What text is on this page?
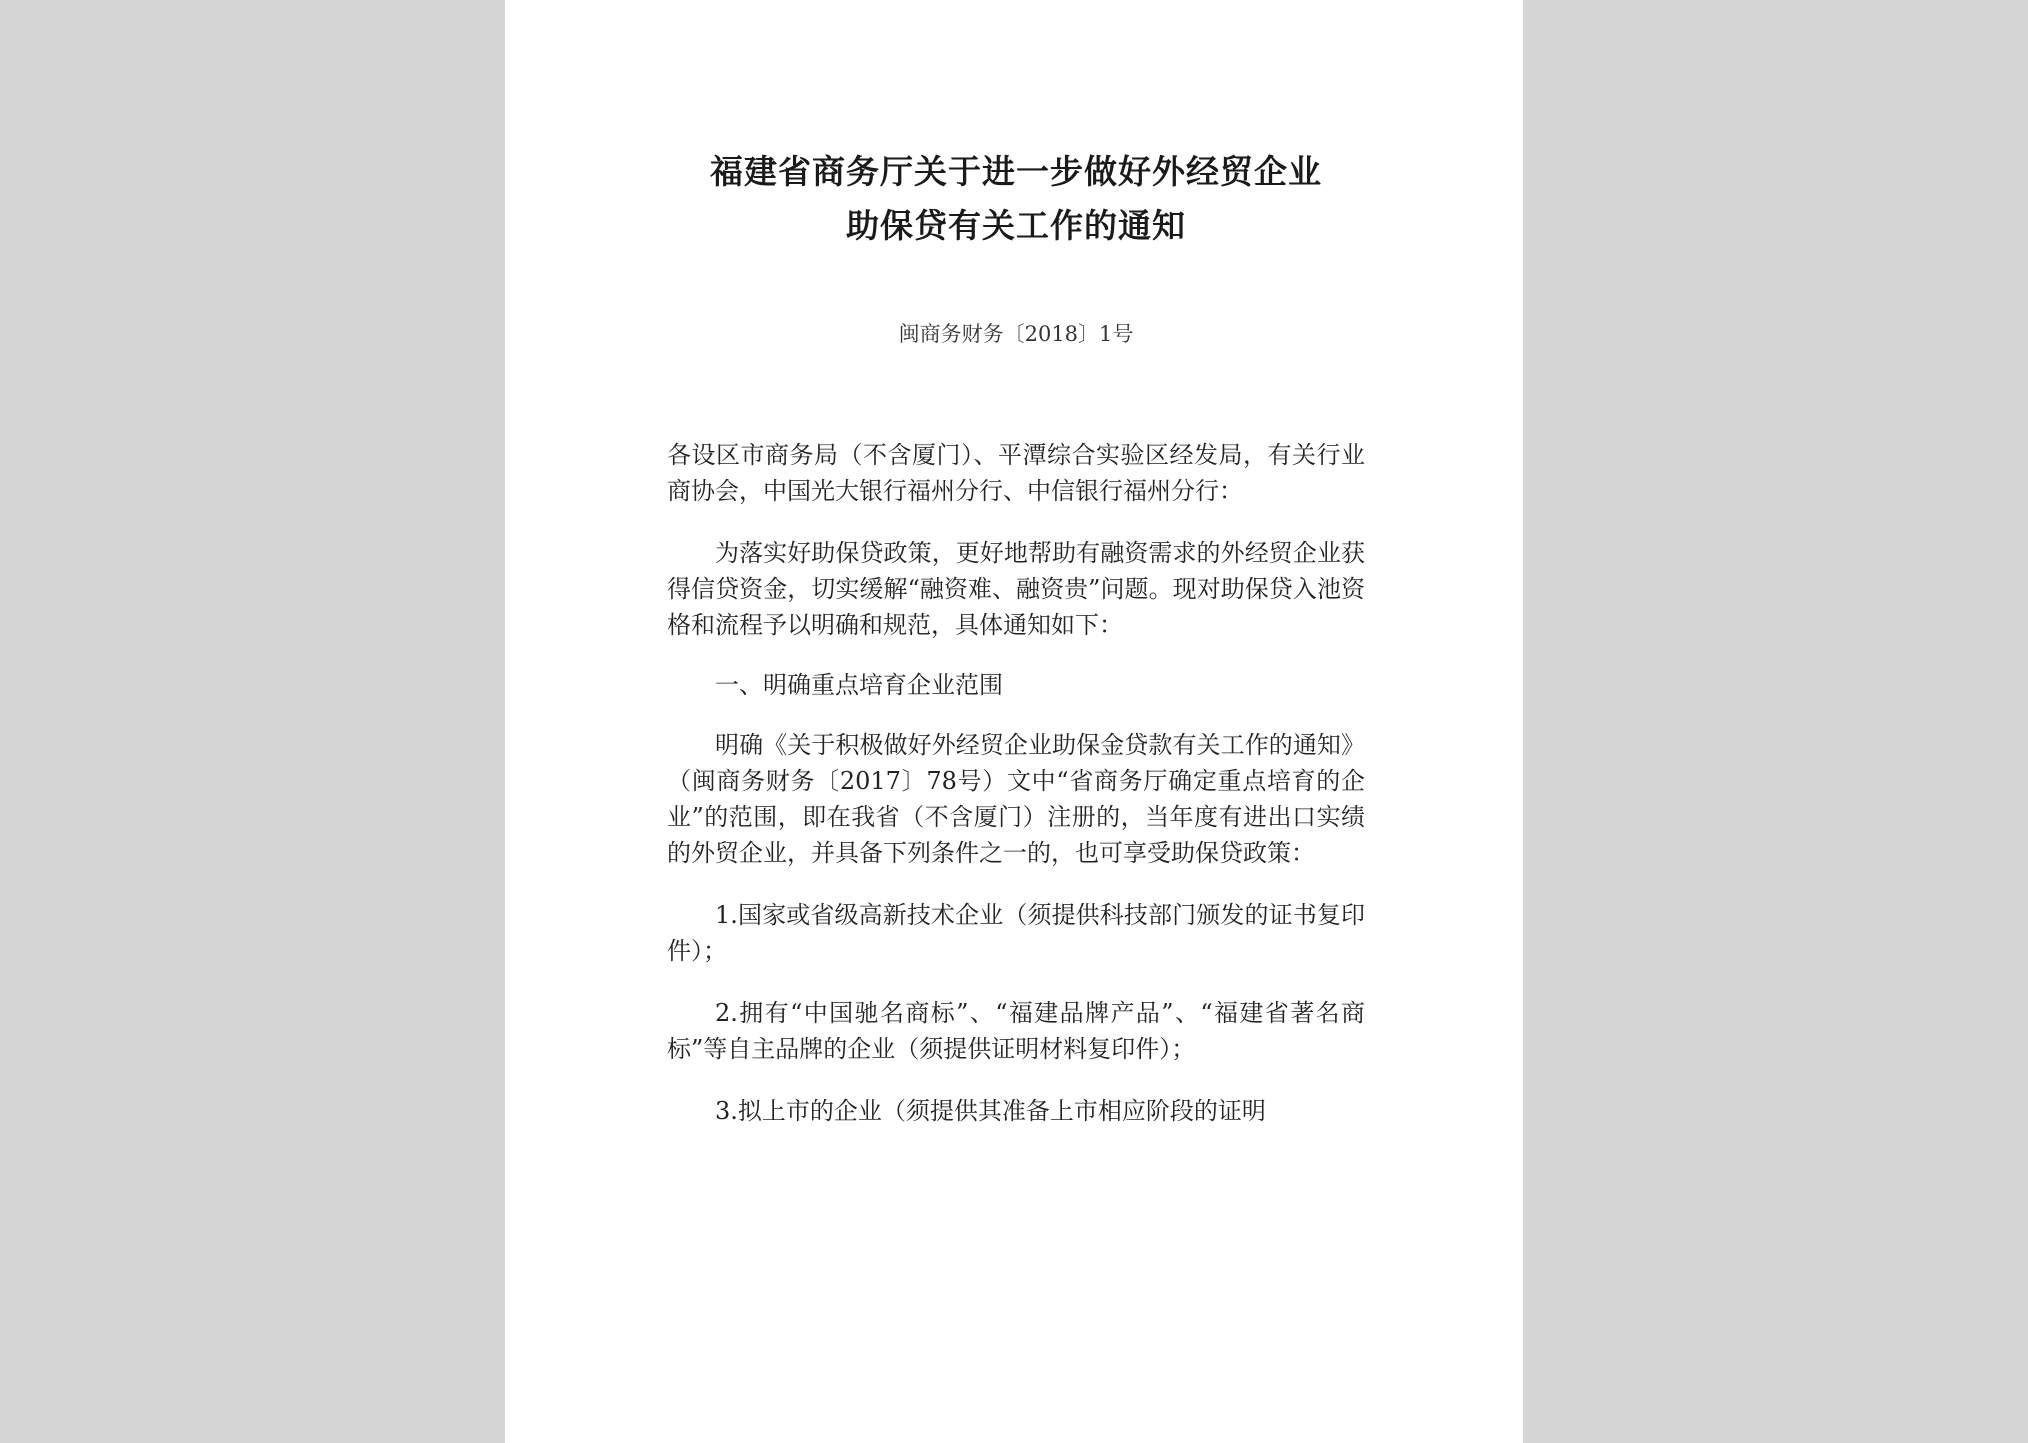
福建省商务厅关于进一步做好外经贸企业
助保贷有关工作的通知
闽商务财务〔2018〕1号

各设区市商务局（不含厦门）、平潭综合实验区经发局，有关行业商协会，中国光大银行福州分行、中信银行福州分行：

为落实好助保贷政策，更好地帮助有融资需求的外经贸企业获得信贷资金，切实缓解“融资难、融资贵”问题。现对助保贷入池资格和流程予以明确和规范，具体通知如下：

一、明确重点培育企业范围

明确《关于积极做好外经贸企业助保金贷款有关工作的通知》（闽商务财务〔2017〕78号）文中“省商务厅确定重点培育的企业”的范围，即在我省（不含厦门）注册的，当年度有进出口实绩的外贸企业，并具备下列条件之一的，也可享受助保贷政策：

1.国家或省级高新技术企业（须提供科技部门颁发的证书复印件）；

2.拥有“中国驰名商标”、“福建品牌产品”、“福建省著名商标”等自主品牌的企业（须提供证明材料复印件）；

3.拟上市的企业（须提供其准备上市相应阶段的证明
